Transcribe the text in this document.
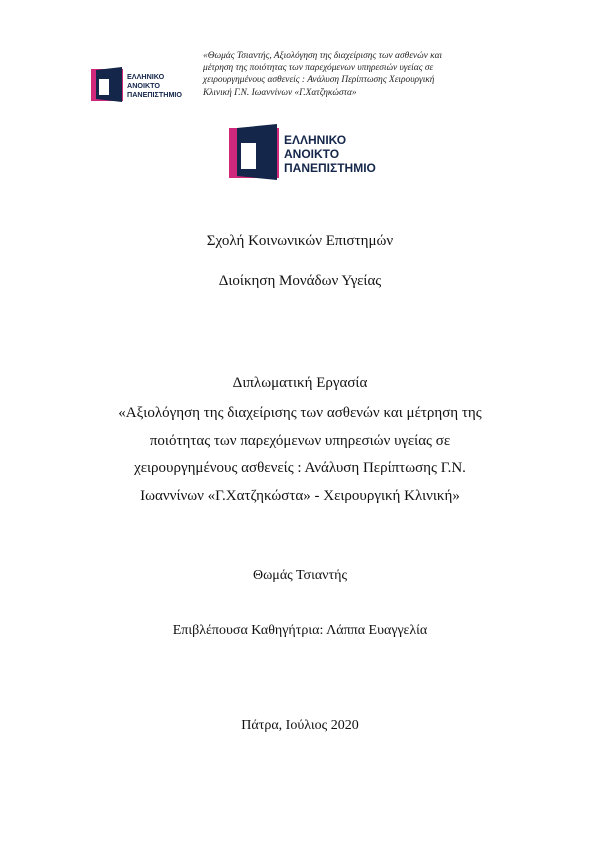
ΕΛΛΗΝΙΚΟ
ΑΝΟΙΚΤΟ
ΠΑΝΕΠΙΣΤΗΜΙΟ
«Θωμάς Τσιαντής, Αξιολόγηση της διαχείρισης των ασθενών και
μέτρηση της ποιότητας των παρεχόμενων υπηρεσιών υγείας σε
χειρουργημένους ασθενείς : Ανάλυση Περίπτωσης Χειρουργική
Κλινική Γ.Ν. Ιωαννίνων «Γ.Χατζηκώστα»
ΕΛΛΗΝΙΚΟ
ΑΝΟΙΚΤΟ
ΠΑΝΕΠΙΣΤΗΜΙΟ
Σχολή Κοινωνικών Επιστημών
Διοίκηση Μονάδων Υγείας
Διπλωματική Εργασία
«Αξιολόγηση της διαχείρισης των ασθενών και μέτρηση της
ποιότητας των παρεχόμενων υπηρεσιών υγείας σε
χειρουργημένους ασθενείς : Ανάλυση Περίπτωσης Γ.Ν.
Ιωαννίνων «Γ.Χατζηκώστα» - Χειρουργική Κλινική»
Θωμάς Τσιαντής
Επιβλέπουσα Καθηγήτρια: Λάππα Ευαγγελία
Πάτρα, Ιούλιος 2020
